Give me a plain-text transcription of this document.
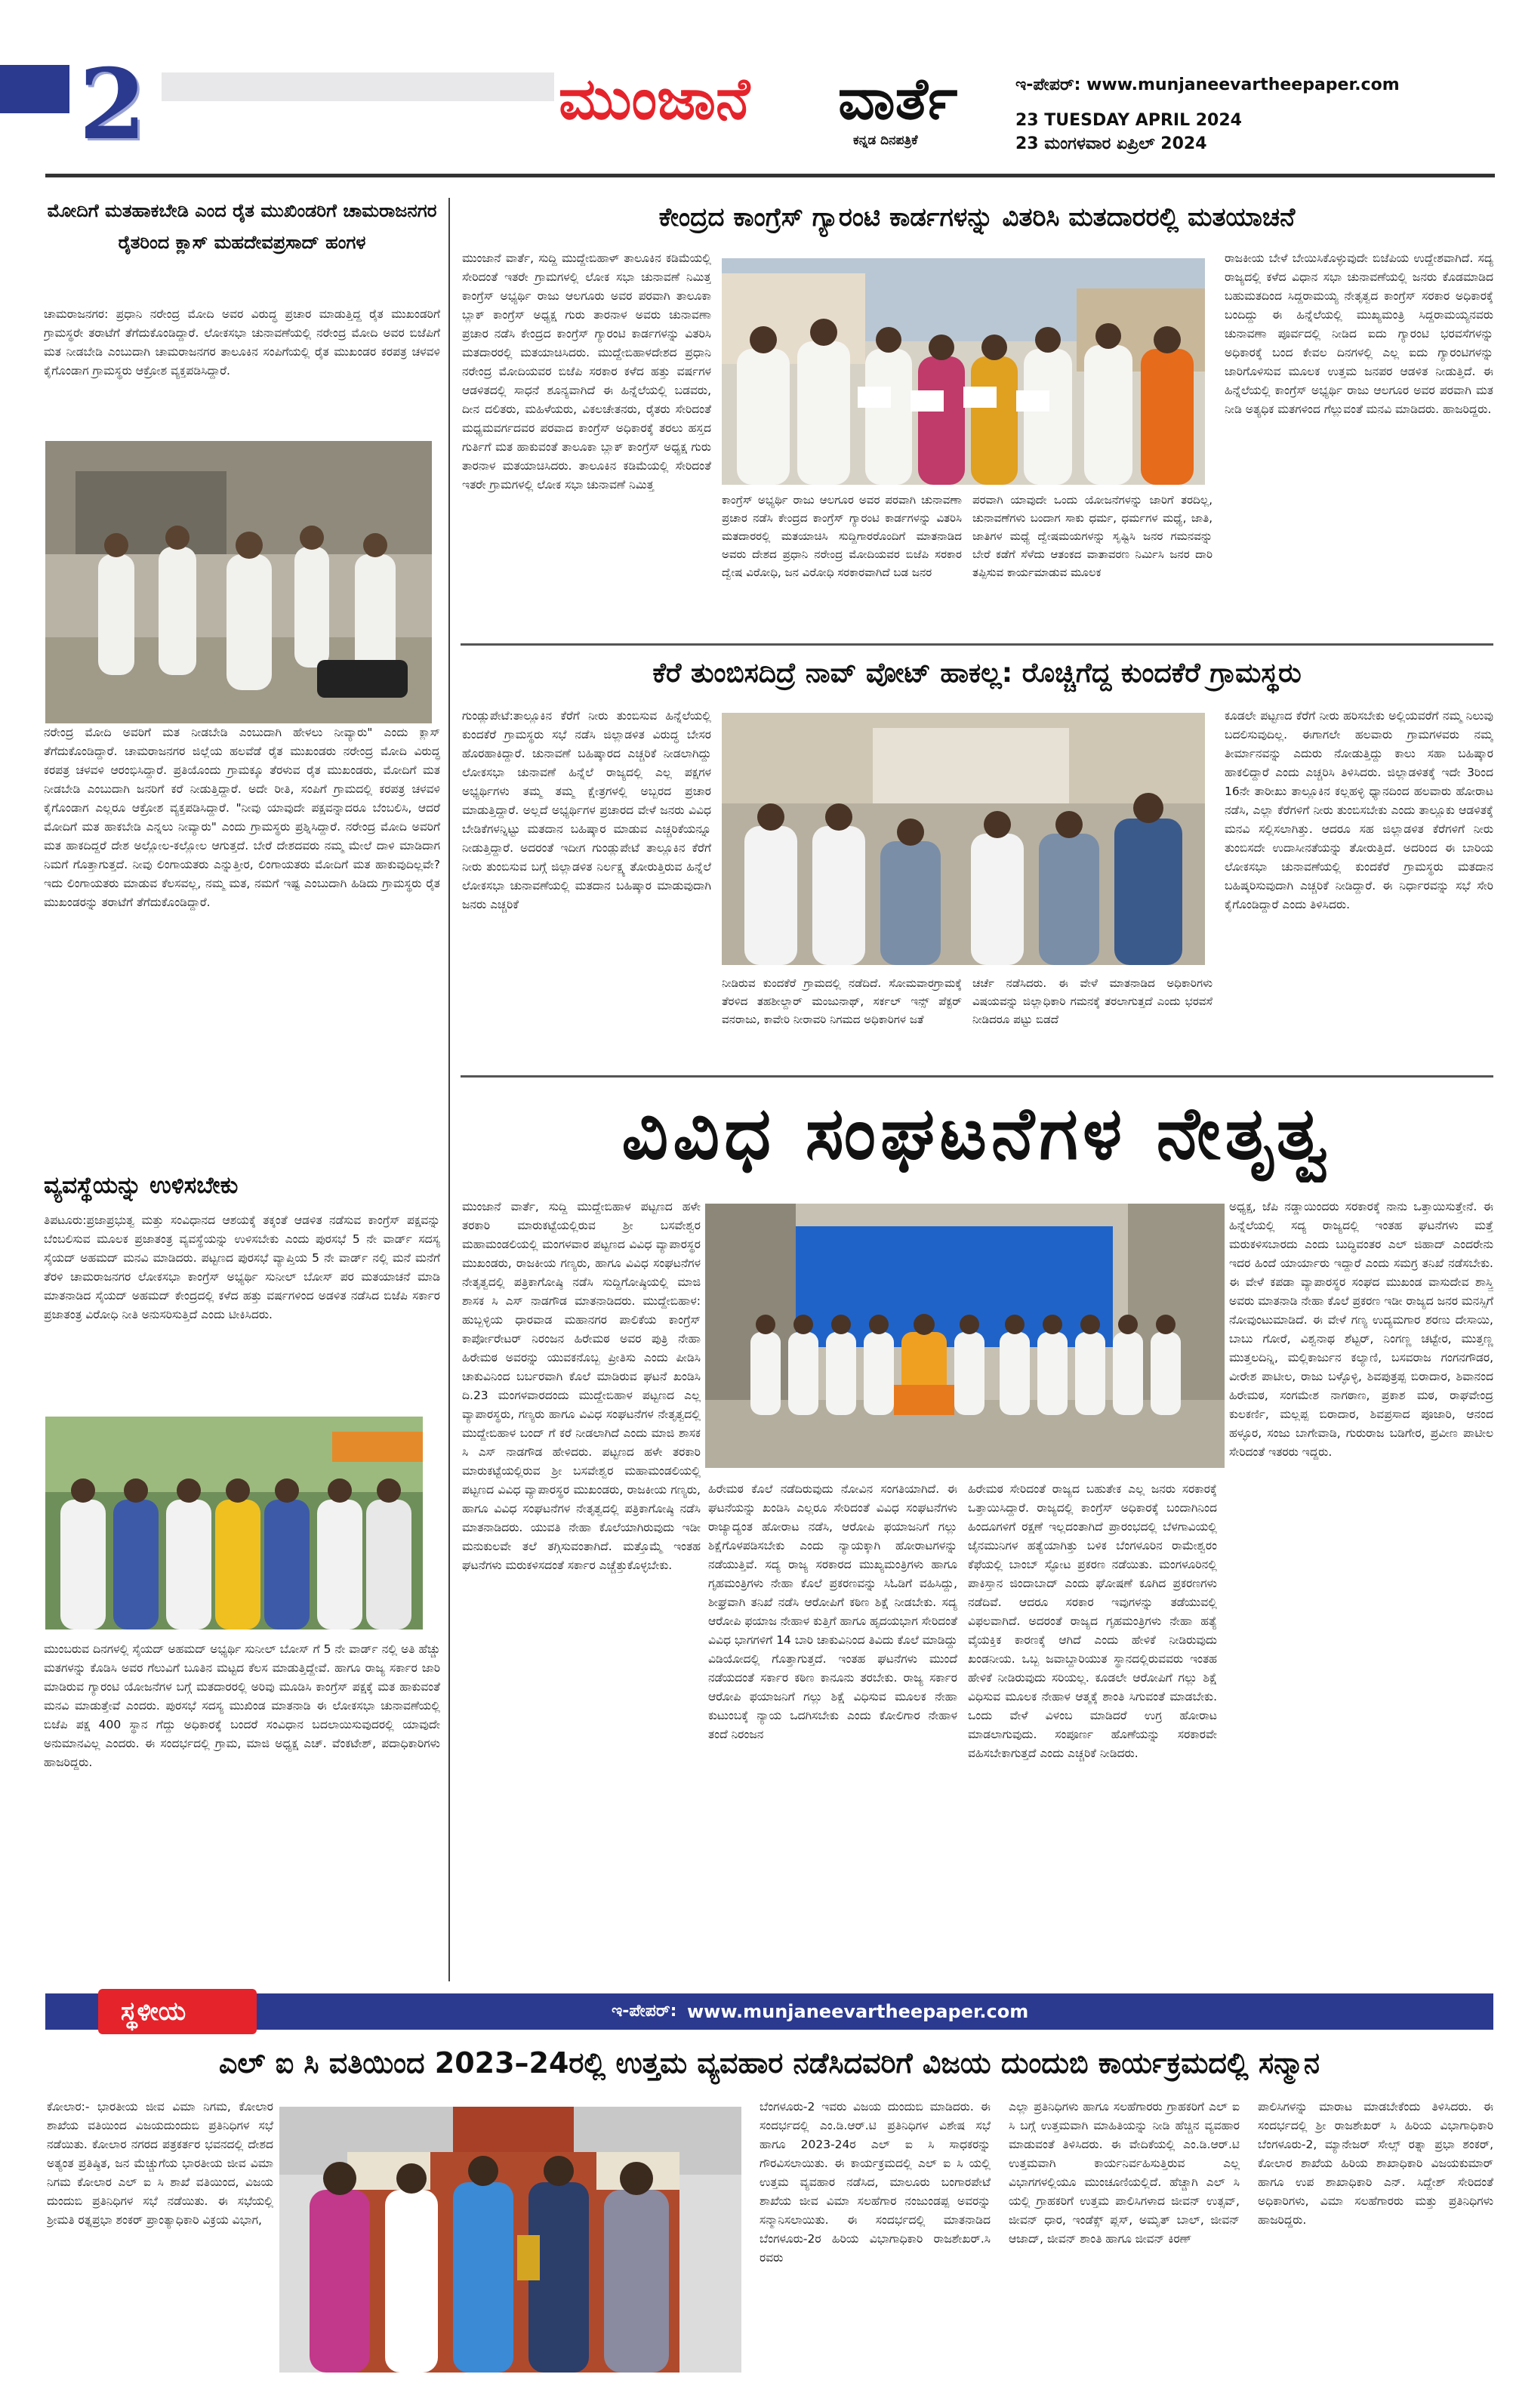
2	ಮುಂಜಾನೆ ವಾರ್ತೆ
ಕನ್ನಡ ದಿನಪತ್ರಿಕೆ
ಇ-ಪೇಪರ್: www.munjaneevartheepaper.com
23 TUESDAY APRIL 2024
23 ಮಂಗಳವಾರ ಏಪ್ರಿಲ್ 2024
ಮೋದಿಗೆ ಮತಹಾಕಬೇಡಿ ಎಂದ ರೈತ ಮುಖಿಂಡರಿಗೆ ಚಾಮರಾಜನಗರ ರೈತರಿಂದ ಕ್ಲಾಸ್ ಮಹದೇವಪ್ರಸಾದ್ ಹಂಗಳ
ಚಾಮರಾಜನಗರ: ಪ್ರಧಾನಿ ನರೇಂದ್ರ ಮೋದಿ ಅವರ ವಿರುದ್ಧ ಪ್ರಚಾರ ಮಾಡುತ್ತಿದ್ದ ರೈತ ಮುಖಂಡರಿಗೆ ಗ್ರಾಮಸ್ಥರೇ ತರಾಟೆಗೆ ತೆಗೆದುಕೊಂಡಿದ್ದಾರೆ. ಲೋಕಸಭಾ ಚುನಾವಣೆಯಲ್ಲಿ ನರೇಂದ್ರ ಮೋದಿ ಅವರ ಬಿಜೆಪಿಗೆ ಮತ ನೀಡಬೇಡಿ ಎಂಬುದಾಗಿ ಚಾಮರಾಜನಗರ ತಾಲೂಕಿನ ಸಂಪಿಗೆಯಲ್ಲಿ ರೈತ ಮುಖಂಡರ ಕರಪತ್ರ ಚಳವಳಿ ಕೈಗೊಂಡಾಗ ಗ್ರಾಮಸ್ಥರು ಆಕ್ರೋಶ ವ್ಯಕ್ತಪಡಿಸಿದ್ದಾರೆ.
ನರೇಂದ್ರ ಮೋದಿ ಅವರಿಗೆ ಮತ ನೀಡಬೇಡಿ ಎಂಬುದಾಗಿ ಹೇಳಲು ನೀವ್ಯಾರು" ಎಂದು ಕ್ಲಾಸ್ ತೆಗೆದುಕೊಂಡಿದ್ದಾರೆ. ಚಾಮರಾಜನಗರ ಜಿಲ್ಲೆಯ ಹಲವೆಡೆ ರೈತ ಮುಖಂಡರು ನರೇಂದ್ರ ಮೋದಿ ವಿರುದ್ಧ ಕರಪತ್ರ ಚಳವಳಿ ಆರಂಭಿಸಿದ್ದಾರೆ. ಪ್ರತಿಯೊಂದು ಗ್ರಾಮಕ್ಕೂ ತೆರಳುವ ರೈತ ಮುಖಂಡರು, ಮೋದಿಗೆ ಮತ ನೀಡಬೇಡಿ ಎಂಬುದಾಗಿ ಜನರಿಗೆ ಕರೆ ನೀಡುತ್ತಿದ್ದಾರೆ. ಅದೇ ರೀತಿ, ಸಂಪಿಗೆ ಗ್ರಾಮದಲ್ಲಿ ಕರಪತ್ರ ಚಳವಳಿ ಕೈಗೊಂಡಾಗ ಎಲ್ಲರೂ ಆಕ್ರೋಶ ವ್ಯಕ್ತಪಡಿಸಿದ್ದಾರೆ. "ನೀವು ಯಾವುದೇ ಪಕ್ಷವನ್ನಾದರೂ ಬೆಂಬಲಿಸಿ, ಆದರೆ ಮೋದಿಗೆ ಮತ ಹಾಕಬೇಡಿ ಎನ್ನಲು ನೀವ್ಯಾರು" ಎಂದು ಗ್ರಾಮಸ್ಥರು ಪ್ರಶ್ನಿಸಿದ್ದಾರೆ. ನರೇಂದ್ರ ಮೋದಿ ಅವರಿಗೆ ಮತ ಹಾಕದಿದ್ದರೆ ದೇಶ ಅಲ್ಲೋಲ-ಕಲ್ಲೋಲ ಆಗುತ್ತದೆ. ಬೇರೆ ದೇಶದವರು ನಮ್ಮ ಮೇಲೆ ದಾಳಿ ಮಾಡಿದಾಗ ನಿಮಗೆ ಗೊತ್ತಾಗುತ್ತದೆ. ನೀವು ಲಿಂಗಾಯತರು ಎನ್ನುತ್ತೀರ, ಲಿಂಗಾಯತರು ಮೋದಿಗೆ ಮತ ಹಾಕುವುದಿಲ್ಲವೇ? ಇದು ಲಿಂಗಾಯತರು ಮಾಡುವ ಕೆಲಸವಲ್ಲ, ನಮ್ಮ ಮತ, ನಮಗೆ ಇಷ್ಟ ಎಂಬುದಾಗಿ ಹಿಡಿದು ಗ್ರಾಮಸ್ಥರು ರೈತ ಮುಖಂಡರನ್ನು ತರಾಟೆಗೆ ತೆಗೆದುಕೊಂಡಿದ್ದಾರೆ.
ವ್ಯವಸ್ಥೆಯನ್ನು ಉಳಿಸಬೇಕು
ತಿಪಟೂರು:ಪ್ರಜಾಪ್ರಭುತ್ವ ಮತ್ತು ಸಂವಿಧಾನದ ಆಶಯಕ್ಕೆ ತಕ್ಕಂತೆ ಆಡಳಿತ ನಡೆಸುವ ಕಾಂಗ್ರೆಸ್ ಪಕ್ಷವನ್ನು ಬೆಂಬಲಿಸುವ ಮೂಲಕ ಪ್ರಜಾತಂತ್ರ ವ್ಯವಸ್ಥೆಯನ್ನು ಉಳಿಸಬೇಕು ಎಂದು ಪುರಸಭೆ 5 ನೇ ವಾರ್ಡ್ ಸದಸ್ಯ ಸೈಯದ್ ಅಹಮದ್ ಮನವಿ ಮಾಡಿದರು. ಪಟ್ಟಣದ ಪುರಸಭೆ ವ್ಯಾಪ್ತಿಯ 5 ನೇ ವಾರ್ಡ್ ನಲ್ಲಿ ಮನೆ ಮನೆಗೆ ತೆರಳಿ ಚಾಮರಾಜನಗರ ಲೋಕಸಭಾ ಕಾಂಗ್ರೆಸ್ ಅಭ್ಯರ್ಥಿ ಸುನೀಲ್ ಬೋಸ್ ಪರ ಮತಯಾಚನೆ ಮಾಡಿ ಮಾತನಾಡಿದ ಸೈಯದ್ ಅಹಮದ್ ಕೇಂದ್ರದಲ್ಲಿ ಕಳೆದ ಹತ್ತು ವರ್ಷಗಳಿಂದ ಅಡಳಿತ ನಡೆಸಿದ ಬಿಜೆಪಿ ಸರ್ಕಾರ ಪ್ರಜಾತಂತ್ರ ವಿರೋಧಿ ನೀತಿ ಅನುಸರಿಸುತ್ತಿದೆ ಎಂದು ಟೀಕಿಸಿದರು.
ಮುಂಬರುವ ದಿನಗಳಲ್ಲಿ ಸೈಯದ್ ಅಹಮದ್ ಅಭ್ಯರ್ಥಿ ಸುನೀಲ್ ಬೋಸ್ ಗೆ 5 ನೇ ವಾರ್ಡ್ ನಲ್ಲಿ ಅತಿ ಹೆಚ್ಚು ಮತಗಳನ್ನು ಕೊಡಿಸಿ ಅವರ ಗೆಲುವಿಗೆ ಬೂತಿನ ಮಟ್ಟದ ಕೆಲಸ ಮಾಡುತ್ತಿದ್ದೇವೆ. ಹಾಗೂ ರಾಜ್ಯ ಸರ್ಕಾರ ಜಾರಿ ಮಾಡಿರುವ ಗ್ಯಾರಂಟಿ ಯೋಜನೆಗಳ ಬಗ್ಗೆ ಮತದಾರರಲ್ಲಿ ಅರಿವು ಮೂಡಿಸಿ ಕಾಂಗ್ರೆಸ್ ಪಕ್ಷಕ್ಕೆ ಮತ ಹಾಕುವಂತೆ ಮನವಿ ಮಾಡುತ್ತೇವೆ ಎಂದರು. ಪುರಸಭೆ ಸದಸ್ಯ ಮುಖಿಂಡ ಮಾತನಾಡಿ ಈ ಲೋಕಸಭಾ ಚುನಾವಣೆಯಲ್ಲಿ ಬಿಜೆಪಿ ಪಕ್ಷ 400 ಸ್ಥಾನ ಗೆದ್ದು ಅಧಿಕಾರಕ್ಕೆ ಬಂದರೆ ಸಂವಿಧಾನ ಬದಲಾಯಿಸುವುದರಲ್ಲಿ ಯಾವುದೇ ಅನುಮಾನವಿಲ್ಲ ಎಂದರು. ಈ ಸಂದರ್ಭದಲ್ಲಿ ಗ್ರಾಮ, ಮಾಜಿ ಅಧ್ಯಕ್ಷ ಎಚ್. ವೆಂಕಟೇಶ್, ಪದಾಧಿಕಾರಿಗಳು ಹಾಜರಿದ್ದರು.
ಕೇಂದ್ರದ ಕಾಂಗ್ರೆಸ್ ಗ್ಯಾರಂಟಿ ಕಾರ್ಡಗಳನ್ನು ವಿತರಿಸಿ ಮತದಾರರಲ್ಲಿ ಮತಯಾಚನೆ
ಮುಂಜಾನೆ ವಾರ್ತೆ, ಸುದ್ದಿ ಮುದ್ದೇಬಿಹಾಳ್ ತಾಲೂಕಿನ ಕಡಿಮೆಯಲ್ಲಿ ಸೇರಿದಂತೆ ಇತರೇ ಗ್ರಾಮಗಳಲ್ಲಿ ಲೋಕ ಸಭಾ ಚುನಾವಣೆ ನಿಮಿತ್ತ ಕಾಂಗ್ರೆಸ್ ಅಭ್ಯರ್ಥಿ ರಾಜು ಆಲಗೂರು ಅವರ ಪರವಾಗಿ ತಾಲೂಕಾ ಬ್ಲಾಕ್ ಕಾಂಗ್ರೆಸ್ ಅಧ್ಯಕ್ಷ ಗುರು ತಾರನಾಳ ಅವರು ಚುನಾವಣಾ ಪ್ರಚಾರ ನಡೆಸಿ ಕೇಂದ್ರದ ಕಾಂಗ್ರೆಸ್ ಗ್ಯಾರಂಟಿ ಕಾರ್ಡಗಳನ್ನು ವಿತರಿಸಿ ಮತದಾರರಲ್ಲಿ ಮತಯಾಚಿಸಿದರು. ಮುದ್ದೇಬಿಹಾಳದೇಶದ ಪ್ರಧಾನಿ ನರೇಂದ್ರ ಮೋದಿಯವರ ಬಿಜೆಪಿ ಸರಕಾರ ಕಳೆದ ಹತ್ತು ವರ್ಷಗಳ ಆಡಳಿತದಲ್ಲಿ ಸಾಧನೆ ಶೂನ್ಯವಾಗಿದೆ ಈ ಹಿನ್ನೆಲೆಯಲ್ಲಿ ಬಡವರು, ದೀನ ದಲಿತರು, ಮಹಿಳೆಯರು, ವಿಕಲಚೇತನರು, ರೈತರು ಸೇರಿದಂತೆ ಮಧ್ಯಮವರ್ಗದವರ ಪರವಾದ ಕಾಂಗ್ರೆಸ್ ಅಧಿಕಾರಕ್ಕೆ ತರಲು ಹಸ್ತದ ಗುರ್ತಿಗೆ ಮತ ಹಾಕುವಂತೆ ತಾಲೂಕಾ ಬ್ಲಾಕ್ ಕಾಂಗ್ರೆಸ್ ಅಧ್ಯಕ್ಷ ಗುರು ತಾರನಾಳ ಮತಯಾಚಿಸಿದರು. ತಾಲೂಕಿನ ಕಡಿಮೆಯಲ್ಲಿ ಸೇರಿದಂತೆ ಇತರೇ ಗ್ರಾಮಗಳಲ್ಲಿ ಲೋಕ ಸಭಾ ಚುನಾವಣೆ ನಿಮಿತ್ತ
ಕಾಂಗ್ರೆಸ್ ಅಭ್ಯರ್ಥಿ ರಾಜು ಆಲಗೂರ ಅವರ ಪರವಾಗಿ ಚುನಾವಣಾ ಪ್ರಚಾರ ನಡೆಸಿ ಕೇಂದ್ರದ ಕಾಂಗ್ರೆಸ್ ಗ್ಯಾರಂಟಿ ಕಾರ್ಡಗಳನ್ನು ವಿತರಿಸಿ ಮತದಾರರಲ್ಲಿ ಮತಯಾಚಿಸಿ ಸುದ್ದಿಗಾರರೊಂದಿಗೆ ಮಾತನಾಡಿದ ಅವರು ದೇಶದ ಪ್ರಧಾನಿ ನರೇಂದ್ರ ಮೋದಿಯವರ ಬಿಜೆಪಿ ಸರಕಾರ ದ್ವೇಷ ವಿರೋಧಿ, ಜನ ವಿರೋಧಿ ಸರಕಾರವಾಗಿದೆ ಬಡ ಜನರ
ಪರವಾಗಿ ಯಾವುದೇ ಒಂದು ಯೋಜನೆಗಳನ್ನು ಜಾರಿಗೆ ತರದಿಲ್ಲ, ಚುನಾವಣೆಗಳು ಬಂದಾಗ ಸಾಕು ಧರ್ಮ, ಧರ್ಮಗಳ ಮಧ್ಯೆ, ಜಾತಿ, ಜಾತಿಗಳ ಮಧ್ಯೆ ದ್ವೇಷಮಯಗಳನ್ನು ಸೃಷ್ಟಿಸಿ ಜನರ ಗಮನವನ್ನು ಬೇರೆ ಕಡೆಗೆ ಸೆಳೆದು ಆತಂಕದ ವಾತಾವರಣ ನಿರ್ಮಿಸಿ ಜನರ ದಾರಿ ತಪ್ಪಿಸುವ ಕಾರ್ಯಮಾಡುವ ಮೂಲಕ
ರಾಜಕೀಯ ಬೇಳೆ ಬೇಯಿಸಿಕೊಳ್ಳುವುದೇ ಬಿಜೆಪಿಯ ಉದ್ದೇಶವಾಗಿದೆ. ಸದ್ಯ ರಾಜ್ಯದಲ್ಲಿ ಕಳೆದ ವಿಧಾನ ಸಭಾ ಚುನಾವಣೆಯಲ್ಲಿ ಜನರು ಕೊಡಮಾಡಿದ ಬಹುಮತದಿಂದ ಸಿದ್ದರಾಮಯ್ಯ ನೇತೃತ್ವದ ಕಾಂಗ್ರೆಸ್ ಸರಕಾರ ಅಧಿಕಾರಕ್ಕೆ ಬಂದಿದ್ದು ಈ ಹಿನ್ನೆಲೆಯಲ್ಲಿ ಮುಖ್ಯಮಂತ್ರಿ ಸಿದ್ದರಾಮಯ್ಯನವರು ಚುನಾವಣಾ ಪೂರ್ವದಲ್ಲಿ ನೀಡಿದ ಐದು ಗ್ಯಾರಂಟಿ ಭರವಸೆಗಳನ್ನು ಅಧಿಕಾರಕ್ಕೆ ಬಂದ ಕೇವಲ ದಿನಗಳಲ್ಲಿ ಎಲ್ಲ ಐದು ಗ್ಯಾರಂಟಿಗಳನ್ನು ಜಾರಿಗೊಳಿಸುವ ಮೂಲಕ ಉತ್ತಮ ಜನಪರ ಆಡಳಿತ ನೀಡುತ್ತಿದೆ. ಈ ಹಿನ್ನೆಲೆಯಲ್ಲಿ ಕಾಂಗ್ರೆಸ್ ಅಭ್ಯರ್ಥಿ ರಾಜು ಆಲಗೂರ ಅವರ ಪರವಾಗಿ ಮತ ನೀಡಿ ಅತ್ಯಧಿಕ ಮತಗಳಿಂದ ಗೆಲ್ಲುವಂತೆ ಮನವಿ ಮಾಡಿದರು. ಹಾಜರಿದ್ದರು.
ಕೆರೆ ತುಂಬಿಸದಿದ್ರೆ ನಾವ್ ವೋಟ್ ಹಾಕಲ್ಲ: ರೊಚ್ಚಿಗೆದ್ದ ಕುಂದಕೆರೆ ಗ್ರಾಮಸ್ಥರು
ಗುಂಡ್ಲುಪೇಟೆ:ತಾಲ್ಲೂಕಿನ ಕೆರೆಗೆ ನೀರು ತುಂಬಿಸುವ ಹಿನ್ನೆಲೆಯಲ್ಲಿ ಕುಂದಕೆರೆ ಗ್ರಾಮಸ್ಥರು ಸಭೆ ನಡೆಸಿ ಜಿಲ್ಲಾಡಳಿತ ವಿರುದ್ಧ ಬೇಸರ ಹೊರಹಾಕಿದ್ದಾರೆ. ಚುನಾವಣೆ ಬಹಿಷ್ಕಾರದ ಎಚ್ಚರಿಕೆ ನೀಡಲಾಗಿದ್ದು ಲೋಕಸಭಾ ಚುನಾವಣೆ ಹಿನ್ನೆಲೆ ರಾಜ್ಯದಲ್ಲಿ ಎಲ್ಲ ಪಕ್ಷಗಳ ಅಭ್ಯರ್ಥಿಗಳು ತಮ್ಮ ತಮ್ಮ ಕ್ಷೇತ್ರಗಳಲ್ಲಿ ಅಬ್ಬರದ ಪ್ರಚಾರ ಮಾಡುತ್ತಿದ್ದಾರೆ. ಅಲ್ಲದೆ ಅಭ್ಯರ್ಥಿಗಳ ಪ್ರಚಾರದ ವೇಳೆ ಜನರು ವಿವಿಧ ಬೇಡಿಕೆಗಳನ್ನಿಟ್ಟು ಮತದಾನ ಬಹಿಷ್ಕಾರ ಮಾಡುವ ಎಚ್ಚರಿಕೆಯನ್ನೂ ನೀಡುತ್ತಿದ್ದಾರೆ. ಅದರಂತೆ ಇದೀಗ ಗುಂಡ್ಲುಪೇಟೆ ತಾಲ್ಲೂಕಿನ ಕೆರೆಗೆ ನೀರು ತುಂಬಿಸುವ ಬಗ್ಗೆ ಜಿಲ್ಲಾಡಳಿತ ನಿರ್ಲಕ್ಷ್ಯ ತೋರುತ್ತಿರುವ ಹಿನ್ನೆಲೆ ಲೋಕಸಭಾ ಚುನಾವಣೆಯಲ್ಲಿ ಮತದಾನ ಬಹಿಷ್ಕಾರ ಮಾಡುವುದಾಗಿ ಜನರು ಎಚ್ಚರಿಕೆ
ನೀಡಿರುವ ಕುಂದಕೆರೆ ಗ್ರಾಮದಲ್ಲಿ ನಡೆದಿದೆ. ಸೋಮವಾರಗ್ರಾಮಕ್ಕೆ ತೆರಳಿದ ತಹಶೀಲ್ದಾರ್ ಮಂಜುನಾಥ್, ಸರ್ಕಲ್ ಇನ್ಸ್ ಪೆಕ್ಟರ್ ವನರಾಜು, ಕಾವೇರಿ ನೀರಾವರಿ ನಿಗಮದ ಅಧಿಕಾರಿಗಳ ಜತೆ
ಚರ್ಚೆ ನಡೆಸಿದರು. ಈ ವೇಳೆ ಮಾತನಾಡಿದ ಅಧಿಕಾರಿಗಳು ವಿಷಯವನ್ನು ಜಿಲ್ಲಾಧಿಕಾರಿ ಗಮನಕ್ಕೆ ತರಲಾಗುತ್ತದೆ ಎಂದು ಭರವಸೆ ನೀಡಿದರೂ ಪಟ್ಟು ಬಿಡದೆ
ಕೂಡಲೇ ಪಟ್ಟಣದ ಕೆರೆಗೆ ನೀರು ಹರಿಸಬೇಕು ಅಲ್ಲಿಯವರೆಗೆ ನಮ್ಮ ನಿಲುವು ಬದಲಿಸುವುದಿಲ್ಲ. ಈಗಾಗಲೇ ಹಲವಾರು ಗ್ರಾಮಗಳವರು ನಮ್ಮ ತೀರ್ಮಾನವನ್ನು ಎದುರು ನೋಡುತ್ತಿದ್ದು ಕಾಲು ಸಹಾ ಬಹಿಷ್ಕಾರ ಹಾಕಲಿದ್ದಾರೆ ಎಂದು ಎಚ್ಚರಿಸಿ ತಿಳಿಸಿದರು. ಜಿಲ್ಲಾಡಳಿತಕ್ಕೆ ಇದೇ 3ರಿಂದ 16ನೇ ತಾರೀಖು ತಾಲ್ಲೂಕಿನ ಕಲ್ಲಹಳ್ಳಿ ಧ್ಯಾನದಿಂದ ಹಲವಾರು ಹೋರಾಟ ನಡೆಸಿ, ಎಲ್ಲಾ ಕೆರೆಗಳಿಗೆ ನೀರು ತುಂಬಿಸಬೇಕು ಎಂದು ತಾಲ್ಲೂಕು ಆಡಳಿತಕ್ಕೆ ಮನವಿ ಸಲ್ಲಿಸಲಾಗಿತ್ತು. ಆದರೂ ಸಹ ಜಿಲ್ಲಾಡಳಿತ ಕೆರೆಗಳಿಗೆ ನೀರು ತುಂಬಿಸದೇ ಉದಾಸೀನತೆಯನ್ನು ತೋರುತ್ತಿದೆ. ಅದರಿಂದ ಈ ಬಾರಿಯ ಲೋಕಸಭಾ ಚುನಾವಣೆಯಲ್ಲಿ ಕುಂದಕೆರೆ ಗ್ರಾಮಸ್ಥರು ಮತದಾನ ಬಹಿಷ್ಕರಿಸುವುದಾಗಿ ಎಚ್ಚರಿಕೆ ನೀಡಿದ್ದಾರೆ. ಈ ನಿರ್ಧಾರವನ್ನು ಸಭೆ ಸೇರಿ ಕೈಗೊಂಡಿದ್ದಾರೆ ಎಂದು ತಿಳಿಸಿದರು.
ವಿವಿಧ ಸಂಘಟನೆಗಳ ನೇತೃತ್ವ
ಮುಂಜಾನೆ ವಾರ್ತೆ, ಸುದ್ದಿ ಮುದ್ದೇಬಿಹಾಳ ಪಟ್ಟಣದ ಹಳೇ ತರಕಾರಿ ಮಾರುಕಟ್ಟೆಯಲ್ಲಿರುವ ಶ್ರೀ ಬಸವೇಶ್ವರ ಮಹಾಮಂಡಲಿಯಲ್ಲಿ ಮಂಗಳವಾರ ಪಟ್ಟಣದ ವಿವಿಧ ವ್ಯಾಪಾರಸ್ಥರ ಮುಖಂಡರು, ರಾಜಕೀಯ ಗಣ್ಯರು, ಹಾಗೂ ವಿವಿಧ ಸಂಘಟನೆಗಳ ನೇತೃತ್ವದಲ್ಲಿ ಪತ್ರಿಕಾಗೋಷ್ಠಿ ನಡೆಸಿ ಸುದ್ದಿಗೋಷ್ಠಿಯಲ್ಲಿ ಮಾಜಿ ಶಾಸಕ ಸಿ ಎಸ್ ನಾಡಗೌಡ ಮಾತನಾಡಿದರು. ಮುದ್ದೇಬಿಹಾಳ: ಹುಬ್ಬಳ್ಳಿಯ ಧಾರವಾಡ ಮಹಾನಗರ ಪಾಲಿಕೆಯ ಕಾಂಗ್ರೆಸ್ ಕಾರ್ಪೋರೇಟರ್ ನಿರಂಜನ ಹಿರೇಮಠ ಅವರ ಪುತ್ರಿ ನೇಹಾ ಹಿರೇಮಠ ಅವರನ್ನು ಯುವಕನೊಬ್ಬ ಪ್ರೀತಿಸು ಎಂದು ಪೀಡಿಸಿ ಚಾಕುವಿನಿಂದ ಬರ್ಬರವಾಗಿ ಕೊಲೆ ಮಾಡಿರುವ ಘಟನೆ ಖಂಡಿಸಿ ದಿ.23 ಮಂಗಳವಾರದಂದು ಮುದ್ದೇಬಿಹಾಳ ಪಟ್ಟಣದ ಎಲ್ಲ ವ್ಯಾಪಾರಸ್ಥರು, ಗಣ್ಯರು ಹಾಗೂ ವಿವಿಧ ಸಂಘಟನೆಗಳ ನೇತೃತ್ವದಲ್ಲಿ ಮುದ್ದೇಬಿಹಾಳ ಬಂದ್ ಗೆ ಕರೆ ನೀಡಲಾಗಿದೆ ಎಂದು ಮಾಜಿ ಶಾಸಕ ಸಿ ಎಸ್ ನಾಡಗೌಡ ಹೇಳಿದರು. ಪಟ್ಟಣದ ಹಳೇ ತರಕಾರಿ ಮಾರುಕಟ್ಟೆಯಲ್ಲಿರುವ ಶ್ರೀ ಬಸವೇಶ್ವರ ಮಹಾಮಂಡಲಿಯಲ್ಲಿ ಪಟ್ಟಣದ ವಿವಿಧ ವ್ಯಾಪಾರಸ್ಥರ ಮುಖಂಡರು, ರಾಜಕೀಯ ಗಣ್ಯರು, ಹಾಗೂ ವಿವಿಧ ಸಂಘಟನೆಗಳ ನೇತೃತ್ವದಲ್ಲಿ ಪತ್ರಿಕಾಗೋಷ್ಠಿ ನಡೆಸಿ ಮಾತನಾಡಿದರು. ಯುವತಿ ನೇಹಾ ಕೊಲೆಯಾಗಿರುವುದು ಇಡೀ ಮನುಕುಲವೇ ತಲೆ ತಗ್ಗಿಸುವಂತಾಗಿದೆ. ಮತ್ತೊಮ್ಮೆ ಇಂತಹ ಘಟನೆಗಳು ಮರುಕಳಿಸದಂತೆ ಸರ್ಕಾರ ಎಚ್ಚೆತ್ತುಕೊಳ್ಳಬೇಕು.
ಹಿರೇಮಠ ಕೊಲೆ ನಡೆದಿರುವುದು ನೋವಿನ ಸಂಗತಿಯಾಗಿದೆ. ಈ ಘಟನೆಯನ್ನು ಖಂಡಿಸಿ ಎಲ್ಲರೂ ಸೇರಿದಂತೆ ವಿವಿಧ ಸಂಘಟನೆಗಳು ರಾಜ್ಯಾದ್ಯಂತ ಹೋರಾಟ ನಡೆಸಿ, ಆರೋಪಿ ಫಯಾಜನಿಗೆ ಗಲ್ಲು ಶಿಕ್ಷೆಗೊಳಪಡಿಸಬೇಕು ಎಂದು ನ್ಯಾಯಕ್ಕಾಗಿ ಹೋರಾಟಗಳನ್ನು ನಡೆಯುತ್ತಿವೆ. ಸದ್ಯ ರಾಜ್ಯ ಸರಕಾರದ ಮುಖ್ಯಮಂತ್ರಿಗಳು ಹಾಗೂ ಗೃಹಮಂತ್ರಿಗಳು ನೇಹಾ ಕೊಲೆ ಪ್ರಕರಣವನ್ನು ಸಿಓಡಿಗೆ ವಹಿಸಿದ್ದು, ಶೀಘ್ರವಾಗಿ ತನಿಖೆ ನಡೆಸಿ ಆರೋಪಿಗೆ ಕಠಿಣ ಶಿಕ್ಷೆ ನೀಡಬೇಕು. ಸದ್ಯ ಆರೋಪಿ ಫಯಾಜ ನೇಹಾಳ ಕುತ್ತಿಗೆ ಹಾಗೂ ಹೃದಯಭಾಗ ಸೇರಿದಂತೆ ವಿವಿಧ ಭಾಗಗಳಿಗೆ 14 ಬಾರಿ ಚಾಕುವಿನಿಂದ ತಿವಿದು ಕೊಲೆ ಮಾಡಿದ್ದು ವಿಡಿಯೋದಲ್ಲಿ ಗೊತ್ತಾಗುತ್ತದೆ. ಇಂತಹ ಘಟನೆಗಳು ಮುಂದೆ ನಡೆಯದಂತೆ ಸರ್ಕಾರ ಕಠಿಣ ಕಾನೂನು ತರಬೇಕು. ರಾಜ್ಯ ಸರ್ಕಾರ ಆರೋಪಿ ಫಯಾಜನಿಗೆ ಗಲ್ಲು ಶಿಕ್ಷೆ ವಿಧಿಸುವ ಮೂಲಕ ನೇಹಾ ಕುಟುಂಬಕ್ಕೆ ನ್ಯಾಯ ಒದಗಿಸಬೇಕು ಎಂದು ಕೋಲಿಗಾರ ನೇಹಾಳ ತಂದೆ ನಿರಂಜನ
ಹಿರೇಮಠ ಸೇರಿದಂತೆ ರಾಜ್ಯದ ಬಹುತೇಕ ಎಲ್ಲ ಜನರು ಸರಕಾರಕ್ಕೆ ಒತ್ತಾಯಿಸಿದ್ದಾರೆ. ರಾಜ್ಯದಲ್ಲಿ ಕಾಂಗ್ರೆಸ್ ಅಧಿಕಾರಕ್ಕೆ ಬಂದಾಗಿನಿಂದ ಹಿಂದೂಗಳಿಗೆ ರಕ್ಷಣೆ ಇಲ್ಲದಂತಾಗಿದೆ ಪ್ರಾರಂಭದಲ್ಲಿ ಬೆಳಗಾವಿಯಲ್ಲಿ ಜೈನಮುನಿಗಳ ಹತ್ಯೆಯಾಗಿತ್ತು ಬಳಿಕ ಬೆಂಗಳೂರಿನ ರಾಮೇಶ್ವರಂ ಕೆಫೆಯಲ್ಲಿ ಬಾಂಬ್ ಸ್ಫೋಟ ಪ್ರಕರಣ ನಡೆಯಿತು. ಮಂಗಳೂರಿನಲ್ಲಿ ಪಾಕಿಸ್ತಾನ ಜಿಂದಾಬಾದ್ ಎಂದು ಘೋಷಣೆ ಕೂಗಿದ ಪ್ರಕರಣಗಳು ನಡೆದಿವೆ. ಆದರೂ ಸರಕಾರ ಇವುಗಳನ್ನು ತಡೆಯುವಲ್ಲಿ ವಿಫಲವಾಗಿದೆ. ಅದರಂತೆ ರಾಜ್ಯದ ಗೃಹಮಂತ್ರಿಗಳು ನೇಹಾ ಹತ್ಯೆ ವೈಯಕ್ತಿಕ ಕಾರಣಕ್ಕೆ ಆಗಿದೆ ಎಂದು ಹೇಳಿಕೆ ನೀಡಿರುವುದು ಖಂಡನೀಯ. ಒಬ್ಬ ಜವಾಬ್ದಾರಿಯುತ ಸ್ಥಾನದಲ್ಲಿರುವವರು ಇಂತಹ ಹೇಳಿಕೆ ನೀಡಿರುವುದು ಸರಿಯಲ್ಲ. ಕೂಡಲೇ ಆರೋಪಿಗೆ ಗಲ್ಲು ಶಿಕ್ಷೆ ವಿಧಿಸುವ ಮೂಲಕ ನೇಹಾಳ ಆತ್ಮಕ್ಕೆ ಶಾಂತಿ ಸಿಗುವಂತೆ ಮಾಡಬೇಕು. ಒಂದು ವೇಳೆ ವಿಳಂಬ ಮಾಡಿದರೆ ಉಗ್ರ ಹೋರಾಟ ಮಾಡಲಾಗುವುದು. ಸಂಪೂರ್ಣ ಹೊಣೆಯನ್ನು ಸರಕಾರವೇ ವಹಿಸಬೇಕಾಗುತ್ತದೆ ಎಂದು ಎಚ್ಚರಿಕೆ ನೀಡಿದರು.
ಅಧ್ಯಕ್ಷ, ಜೆಪಿ ನಡ್ಡಾಯಿಂದರು ಸರಕಾರಕ್ಕೆ ನಾನು ಒತ್ತಾಯಿಸುತ್ತೇನೆ. ಈ ಹಿನ್ನೆಲೆಯಲ್ಲಿ ಸದ್ಯ ರಾಜ್ಯದಲ್ಲಿ ಇಂತಹ ಘಟನೆಗಳು ಮತ್ತೆ ಮರುಕಳಿಸಬಾರದು ಎಂದು ಬುದ್ಧಿವಂತರ ಎಲ್ ಜಿಹಾದ್ ಎಂದರೇನು ಇದರ ಹಿಂದೆ ಯಾರ್ಯಾರು ಇದ್ದಾರೆ ಎಂದು ಸಮಗ್ರ ತನಿಖೆ ನಡೆಸಬೇಕು. ಈ ವೇಳೆ ಕಪಡಾ ವ್ಯಾಪಾರಸ್ಥರ ಸಂಘದ ಮುಖಂಡ ವಾಸುದೇವ ಶಾಸ್ತ್ರಿ ಅವರು ಮಾತನಾಡಿ ನೇಹಾ ಕೊಲೆ ಪ್ರಕರಣ ಇಡೀ ರಾಜ್ಯದ ಜನರ ಮನಸ್ಸಿಗೆ ನೋವುಂಟುಮಾಡಿದೆ. ಈ ವೇಳೆ ಗಣ್ಯ ಉದ್ಯಮಗಾರ ಶರಣು ದೇಸಾಯಿ, ಬಾಬು ಗೋರೆ, ವಿಶ್ವನಾಥ ಶೆಟ್ಟರ್, ನಿಂಗಣ್ಣ ಚಟ್ಟೇರ, ಮುತ್ತಣ್ಣ ಮುತ್ತಲದಿನ್ನಿ, ಮಲ್ಲಿಕಾರ್ಜುನ ಕಲ್ಯಾಣಿ, ಬಸವರಾಜ ಗಂಗನಗೌಡರ, ವೀರೇಶ ಪಾಟೀಲ, ರಾಜು ಬಳ್ಳೊಳ್ಳಿ, ಶಿವಪುತ್ರಪ್ಪ ಬಿರಾದಾರ, ಶಿವಾನಂದ ಹಿರೇಮಠ, ಸಂಗಮೇಶ ನಾಗಠಾಣ, ಪ್ರಕಾಶ ಮಠ, ರಾಘವೇಂದ್ರ ಕುಲಕರ್ಣಿ, ಮಲ್ಲಪ್ಪ ಬಿರಾದಾರ, ಶಿವಪ್ರಸಾದ ಪೂಜಾರಿ, ಆನಂದ ಹಳ್ಳೂರ, ಸಂಜು ಬಾಗೇವಾಡಿ, ಗುರುರಾಜ ಬಡಿಗೇರ, ಪ್ರವೀಣ ಪಾಟೀಲ ಸೇರಿದಂತೆ ಇತರರು ಇದ್ದರು.
ಸ್ಥಳೀಯ	ಇ-ಪೇಪರ್: www.munjaneevartheepaper.com
ಎಲ್ ಐ ಸಿ ವತಿಯಿಂದ 2023–24ರಲ್ಲಿ ಉತ್ತಮ ವ್ಯವಹಾರ ನಡೆಸಿದವರಿಗೆ ವಿಜಯ ದುಂದುಬಿ ಕಾರ್ಯಕ್ರಮದಲ್ಲಿ ಸನ್ಮಾನ
ಕೋಲಾರ:- ಭಾರತೀಯ ಜೀವ ವಿಮಾ ನಿಗಮ, ಕೋಲಾರ ಶಾಖೆಯ ವತಿಯಿಂದ ವಿಜಯದುಂದುಬಿ ಪ್ರತಿನಿಧಿಗಳ ಸಭೆ ನಡೆಯಿತು. ಕೋಲಾರ ನಗರದ ಪತ್ರಕರ್ತರ ಭವನದಲ್ಲಿ ದೇಶದ ಅತ್ಯಂತ ಪ್ರತಿಷ್ಠಿತ, ಜನ ಮೆಚ್ಚುಗೆಯ ಭಾರತೀಯ ಜೀವ ವಿಮಾ ನಿಗಮ ಕೋಲಾರ ಎಲ್ ಐ ಸಿ ಶಾಖೆ ವತಿಯಿಂದ, ವಿಜಯ ದುಂದುಬಿ ಪ್ರತಿನಿಧಿಗಳ ಸಭೆ ನಡೆಯಿತು. ಈ ಸಭೆಯಲ್ಲಿ ಶ್ರೀಮತಿ ರತ್ನಪ್ರಭಾ ಶಂಕರ್ ಪ್ರಾಂತ್ಯಾಧಿಕಾರಿ ವಿಕ್ರಯ ವಿಭಾಗ,
ಬೆಂಗಳೂರು-2 ಇವರು ವಿಜಯ ದುಂದುಬಿ ಮಾಡಿದರು. ಈ ಸಂದರ್ಭದಲ್ಲಿ ಎಂ.ಡಿ.ಆರ್.ಟಿ ಪ್ರತಿನಿಧಿಗಳ ವಿಶೇಷ ಸಭೆ ಹಾಗೂ 2023-24ರ ಎಲ್ ಐ ಸಿ ಸಾಧಕರನ್ನು ಗೌರವಿಸಲಾಯಿತು. ಈ ಕಾರ್ಯಕ್ರಮದಲ್ಲಿ ಎಲ್ ಐ ಸಿ ಯಲ್ಲಿ ಉತ್ತಮ ವ್ಯವಹಾರ ನಡೆಸಿದ, ಮಾಲೂರು ಬಂಗಾರಪೇಟೆ ಶಾಖೆಯ ಜೀವ ವಿಮಾ ಸಲಹೆಗಾರ ನಂಜುಂಡಪ್ಪ ಅವರನ್ನು ಸನ್ಮಾನಿಸಲಾಯಿತು. ಈ ಸಂದರ್ಭದಲ್ಲಿ ಮಾತನಾಡಿದ ಬೆಂಗಳೂರು-2ರ ಹಿರಿಯ ವಿಭಾಗಾಧಿಕಾರಿ ರಾಜಶೇಖರ್.ಸಿ ರವರು
ಎಲ್ಲಾ ಪ್ರತಿನಿಧಿಗಳು ಹಾಗೂ ಸಲಹೆಗಾರರು ಗ್ರಾಹಕರಿಗೆ ಎಲ್ ಐ ಸಿ ಬಗ್ಗೆ ಉತ್ತಮವಾಗಿ ಮಾಹಿತಿಯನ್ನು ನೀಡಿ ಹೆಚ್ಚಿನ ವ್ಯವಹಾರ ಮಾಡುವಂತೆ ತಿಳಿಸಿದರು. ಈ ವೇದಿಕೆಯಲ್ಲಿ ಎಂ.ಡಿ.ಆರ್.ಟಿ ಉತ್ತಮವಾಗಿ ಕಾರ್ಯನಿರ್ವಹಿಸುತ್ತಿರುವ ಎಲ್ಲ ವಿಭಾಗಗಳಲ್ಲಿಯೂ ಮುಂಚೂಣಿಯಲ್ಲಿದೆ. ಹೆಚ್ಚಾಗಿ ಎಲ್ ಸಿ ಯಲ್ಲಿ ಗ್ರಾಹಕರಿಗೆ ಉತ್ತಮ ಪಾಲಿಸಿಗಳಾದ ಜೀವನ್ ಉತ್ಸವ್, ಜೀವನ್ ಧಾರ, ಇಂಡೆಕ್ಸ್ ಪ್ಲಸ್, ಅಮೃತ್ ಬಾಲ್, ಜೀವನ್ ಆಜಾದ್, ಜೀವನ್ ಶಾಂತಿ ಹಾಗೂ ಜೀವನ್ ಕಿರಣ್
ಪಾಲಿಸಿಗಳನ್ನು ಮಾರಾಟ ಮಾಡಬೇಕೆಂದು ತಿಳಿಸಿದರು. ಈ ಸಂದರ್ಭದಲ್ಲಿ ಶ್ರೀ ರಾಜಶೇಖರ್ ಸಿ ಹಿರಿಯ ವಿಭಾಗಾಧಿಕಾರಿ ಬೆಂಗಳೂರು-2, ಮ್ಯಾನೇಜರ್ ಸೇಲ್ಸ್ ರತ್ನಾ ಪ್ರಭಾ ಶಂಕರ್, ಕೋಲಾರ ಶಾಖೆಯ ಹಿರಿಯ ಶಾಖಾಧಿಕಾರಿ ವಿಜಯಕುಮಾರ್ ಹಾಗೂ ಉಪ ಶಾಖಾಧಿಕಾರಿ ಎನ್. ಸಿದ್ದೇಶ್ ಸೇರಿದಂತೆ ಅಧಿಕಾರಿಗಳು, ವಿಮಾ ಸಲಹೆಗಾರರು ಮತ್ತು ಪ್ರತಿನಿಧಿಗಳು ಹಾಜರಿದ್ದರು.
